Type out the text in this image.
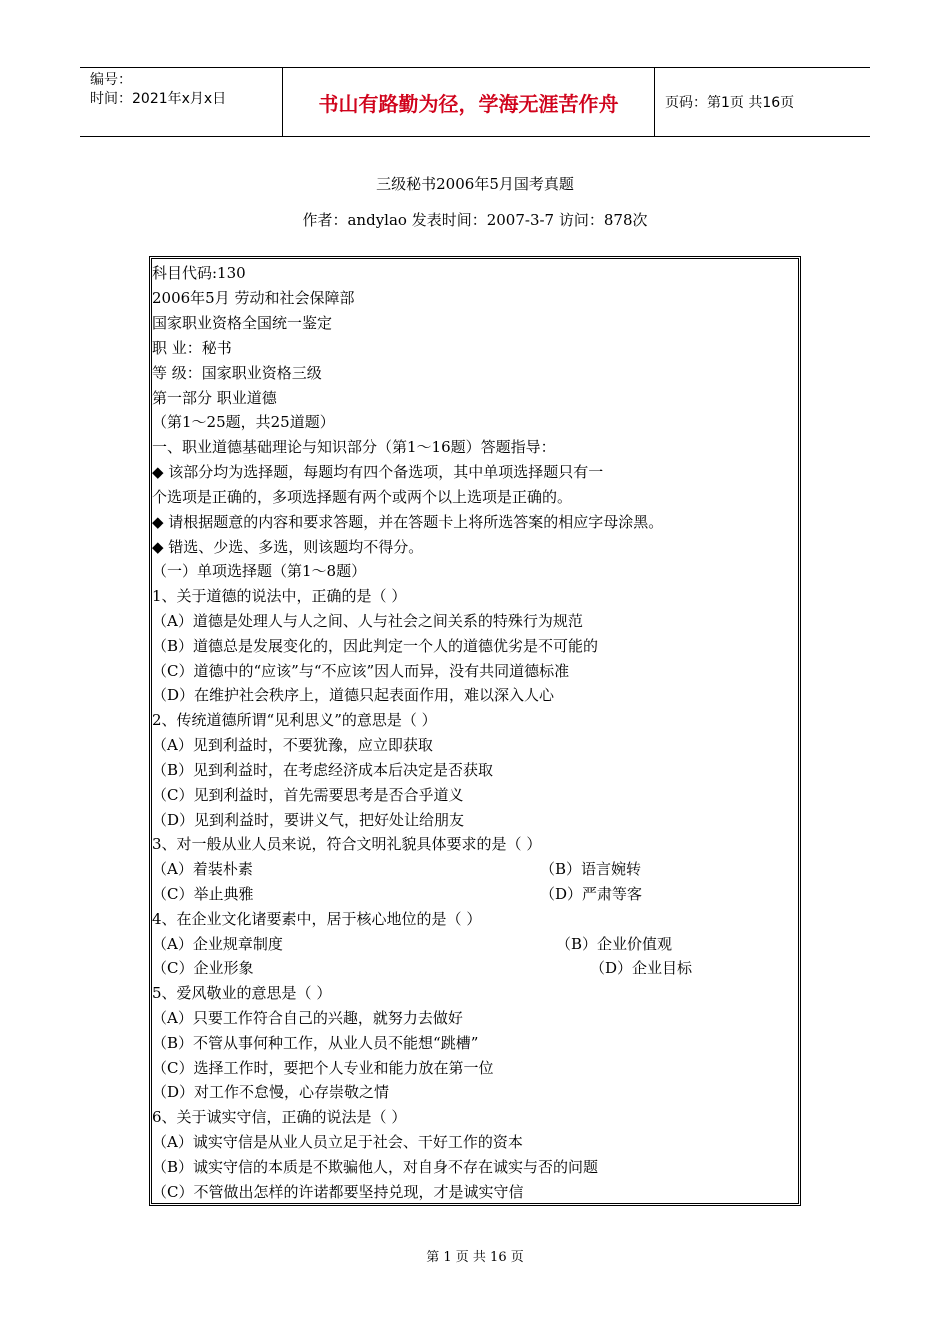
编号：
时间：2021年x月x日	书山有路勤为径，学海无涯苦作舟	页码：第1页 共16页
三级秘书2006年5月国考真题
作者：andylao 发表时间：2007-3-7 访问：878次
科目代码:130
2006年5月 劳动和社会保障部
国家职业资格全国统一鉴定
职 业：秘书
等 级：国家职业资格三级
第一部分 职业道德
（第1～25题，共25道题）
一、职业道德基础理论与知识部分（第1～16题）答题指导：
◆ 该部分均为选择题，每题均有四个备选项，其中单项选择题只有一
个选项是正确的，多项选择题有两个或两个以上选项是正确的。
◆ 请根据题意的内容和要求答题，并在答题卡上将所选答案的相应字母涂黑。
◆ 错选、少选、多选，则该题均不得分。
（一）单项选择题（第1～8题）
1、关于道德的说法中，正确的是（ ）
（A）道德是处理人与人之间、人与社会之间关系的特殊行为规范
（B）道德总是发展变化的，因此判定一个人的道德优劣是不可能的
（C）道德中的“应该”与“不应该”因人而异，没有共同道德标准
（D）在维护社会秩序上，道德只起表面作用，难以深入人心
2、传统道德所谓“见利思义”的意思是（ ）
（A）见到利益时，不要犹豫，应立即获取
（B）见到利益时，在考虑经济成本后决定是否获取
（C）见到利益时，首先需要思考是否合乎道义
（D）见到利益时，要讲义气，把好处让给朋友
3、对一般从业人员来说，符合文明礼貌具体要求的是（ ）
（A）着装朴素	（B）语言婉转
（C）举止典雅	（D）严肃等客
4、在企业文化诸要素中，居于核心地位的是（ ）
（A）企业规章制度	（B）企业价值观
（C）企业形象	（D）企业目标
5、爱风敬业的意思是（ ）
（A）只要工作符合自己的兴趣，就努力去做好
（B）不管从事何种工作，从业人员不能想“跳槽”
（C）选择工作时，要把个人专业和能力放在第一位
（D）对工作不怠慢，心存崇敬之情
6、关于诚实守信，正确的说法是（ ）
（A）诚实守信是从业人员立足于社会、干好工作的资本
（B）诚实守信的本质是不欺骗他人，对自身不存在诚实与否的问题
（C）不管做出怎样的许诺都要坚持兑现，才是诚实守信
第 1 页 共 16 页
